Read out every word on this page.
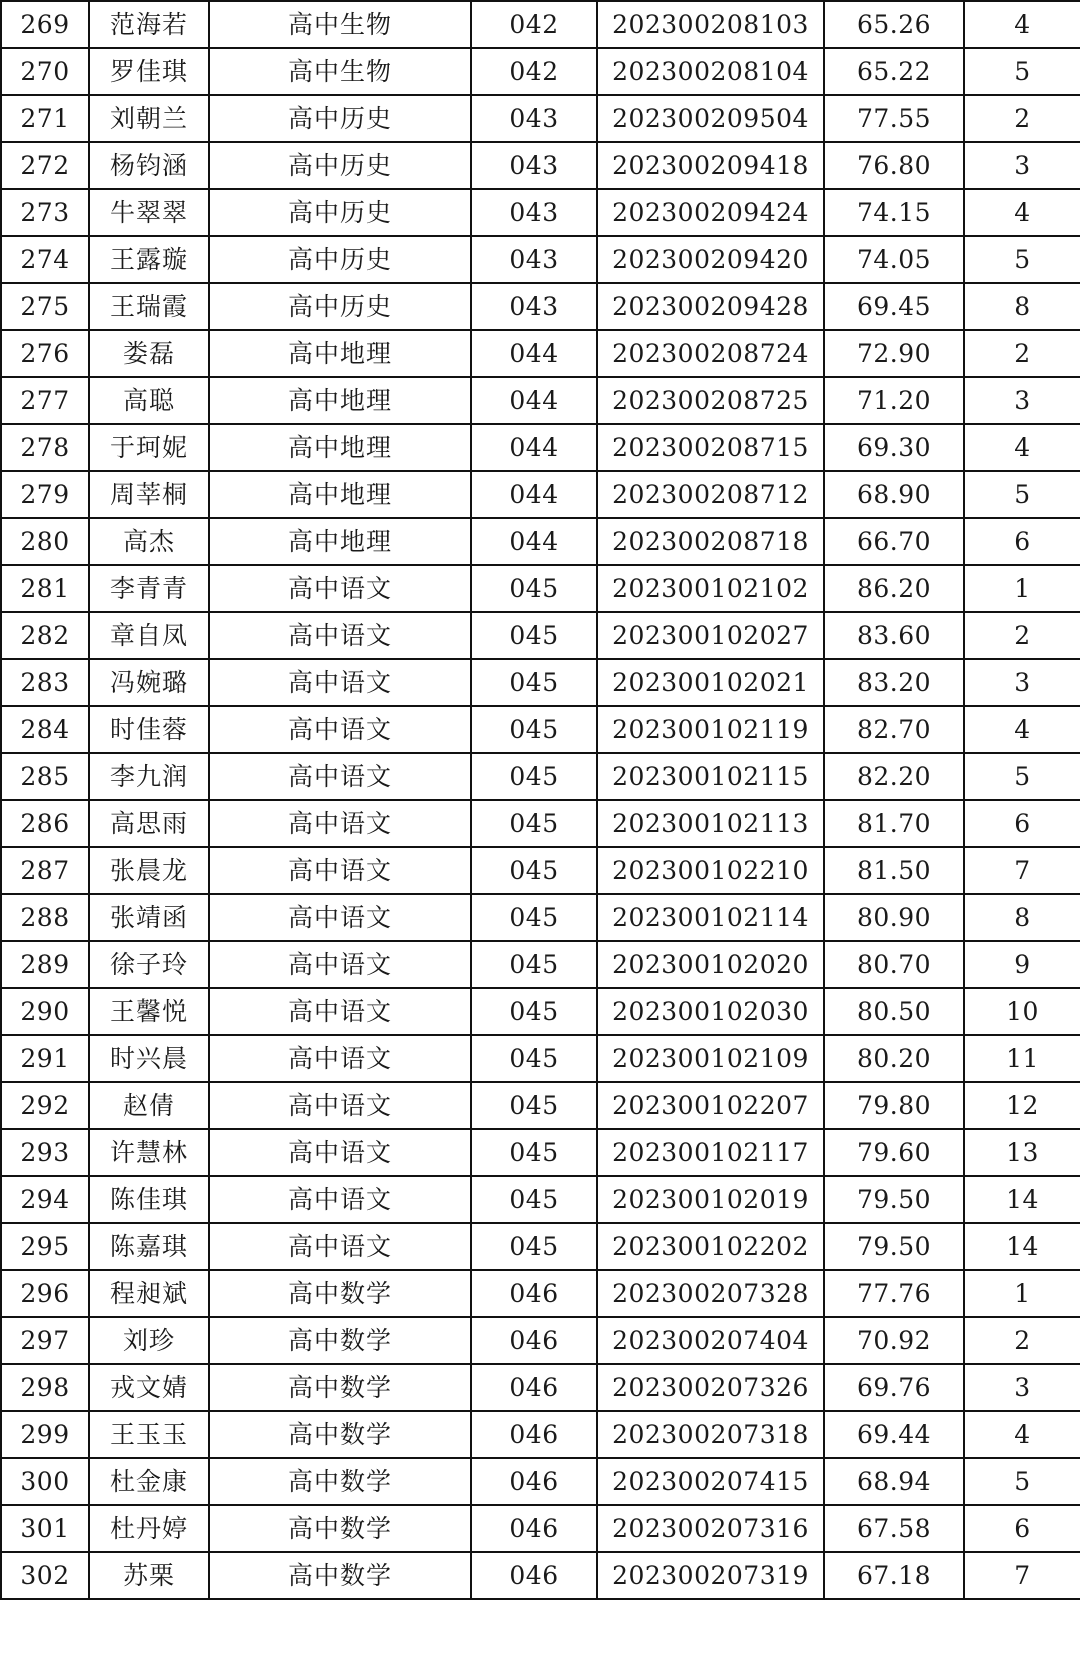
269	范海若	高中生物	042	202300208103	65.26	4
270	罗佳琪	高中生物	042	202300208104	65.22	5
271	刘朝兰	高中历史	043	202300209504	77.55	2
272	杨钧涵	高中历史	043	202300209418	76.80	3
273	牛翠翠	高中历史	043	202300209424	74.15	4
274	王露璇	高中历史	043	202300209420	74.05	5
275	王瑞霞	高中历史	043	202300209428	69.45	8
276	娄磊	高中地理	044	202300208724	72.90	2
277	高聪	高中地理	044	202300208725	71.20	3
278	于珂妮	高中地理	044	202300208715	69.30	4
279	周莘桐	高中地理	044	202300208712	68.90	5
280	高杰	高中地理	044	202300208718	66.70	6
281	李青青	高中语文	045	202300102102	86.20	1
282	章自凤	高中语文	045	202300102027	83.60	2
283	冯婉璐	高中语文	045	202300102021	83.20	3
284	时佳蓉	高中语文	045	202300102119	82.70	4
285	李九润	高中语文	045	202300102115	82.20	5
286	高思雨	高中语文	045	202300102113	81.70	6
287	张晨龙	高中语文	045	202300102210	81.50	7
288	张靖函	高中语文	045	202300102114	80.90	8
289	徐子玲	高中语文	045	202300102020	80.70	9
290	王馨悦	高中语文	045	202300102030	80.50	10
291	时兴晨	高中语文	045	202300102109	80.20	11
292	赵倩	高中语文	045	202300102207	79.80	12
293	许慧林	高中语文	045	202300102117	79.60	13
294	陈佳琪	高中语文	045	202300102019	79.50	14
295	陈嘉琪	高中语文	045	202300102202	79.50	14
296	程昶斌	高中数学	046	202300207328	77.76	1
297	刘珍	高中数学	046	202300207404	70.92	2
298	戎文婧	高中数学	046	202300207326	69.76	3
299	王玉玉	高中数学	046	202300207318	69.44	4
300	杜金康	高中数学	046	202300207415	68.94	5
301	杜丹婷	高中数学	046	202300207316	67.58	6
302	苏栗	高中数学	046	202300207319	67.18	7
